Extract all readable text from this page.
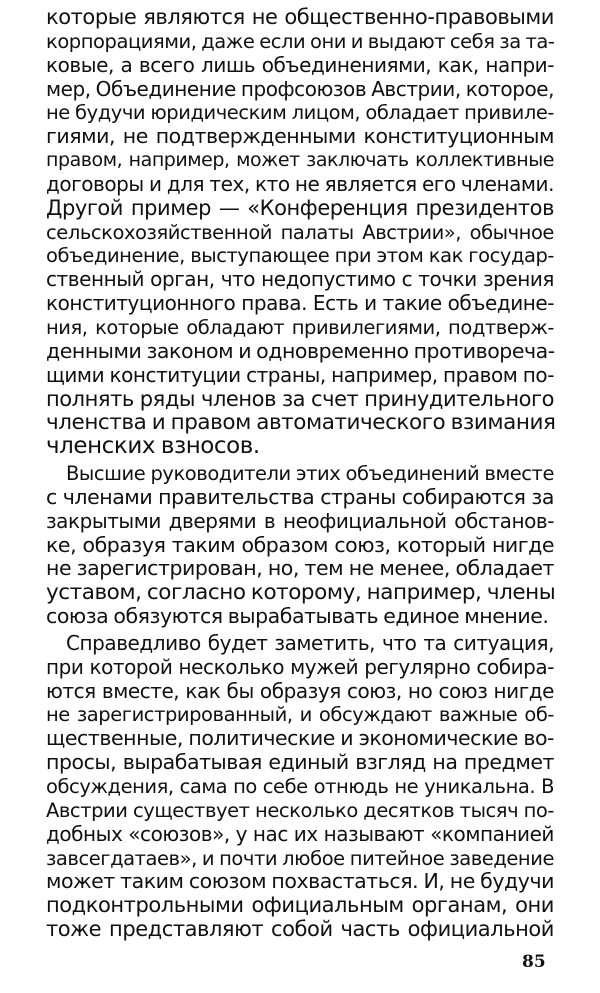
которые являются не общественно-правовыми
корпорациями, даже если они и выдают себя за та-
ковые, а всего лишь объединениями, как, напри-
мер, Объединение профсоюзов Австрии, которое,
не будучи юридическим лицом, обладает привиле-
гиями, не подтвержденными конституционным
правом, например, может заключать коллективные
договоры и для тех, кто не является его членами.
Другой пример — «Конференция президентов
сельскохозяйственной палаты Австрии», обычное
объединение, выступающее при этом как государ-
ственный орган, что недопустимо с точки зрения
конституционного права. Есть и такие объедине-
ния, которые обладают привилегиями, подтверж-
денными законом и одновременно противореча-
щими конституции страны, например, правом по-
полнять ряды членов за счет принудительного
членства и правом автоматического взимания
членских взносов.
Высшие руководители этих объединений вместе
с членами правительства страны собираются за
закрытыми дверями в неофициальной обстанов-
ке, образуя таким образом союз, который нигде
не зарегистрирован, но, тем не менее, обладает
уставом, согласно которому, например, члены
союза обязуются вырабатывать единое мнение.
Справедливо будет заметить, что та ситуация,
при которой несколько мужей регулярно собира-
ются вместе, как бы образуя союз, но союз нигде
не зарегистрированный, и обсуждают важные об-
щественные, политические и экономические во-
просы, вырабатывая единый взгляд на предмет
обсуждения, сама по себе отнюдь не уникальна. В
Австрии существует несколько десятков тысяч по-
добных «союзов», у нас их называют «компанией
завсегдатаев», и почти любое питейное заведение
может таким союзом похвастаться. И, не будучи
подконтрольными официальным органам, они
тоже представляют собой часть официальной
85
